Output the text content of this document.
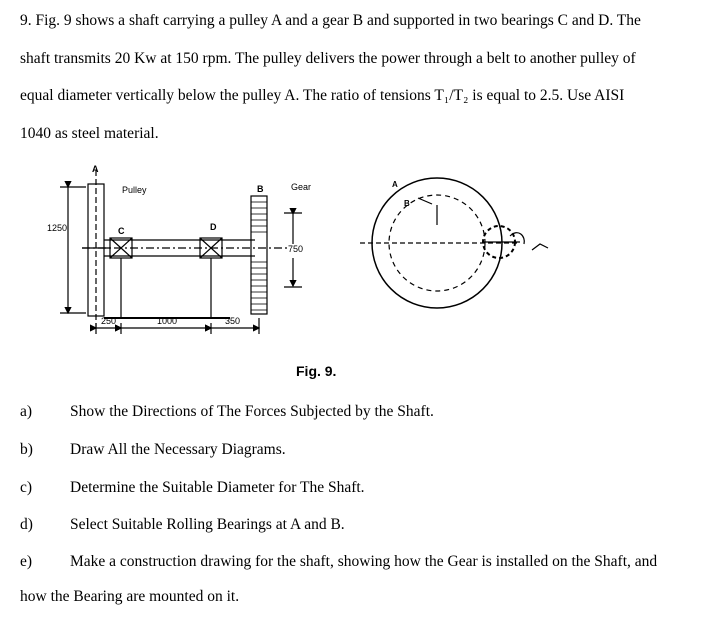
9. Fig. 9 shows a shaft carrying a pulley A and a gear B and supported in two bearings C and D. The
shaft transmits 20 Kw at 150 rpm. The pulley delivers the power through a belt to another pulley of
equal diameter vertically below the pulley A. The ratio of tensions T₁/T₂ is equal to 2.5. Use AISI
1040 as steel material.
A
Pulley	Gear
B
C	D
1250
750
250	1000	350
A
B
Fig. 9.
a)	Show the Directions of The Forces Subjected by the Shaft.
b)	Draw All the Necessary Diagrams.
c)	Determine the Suitable Diameter for The Shaft.
d)	Select Suitable Rolling Bearings at A and B.
e)	Make a construction drawing for the shaft, showing how the Gear is installed on the Shaft, and
how the Bearing are mounted on it.
